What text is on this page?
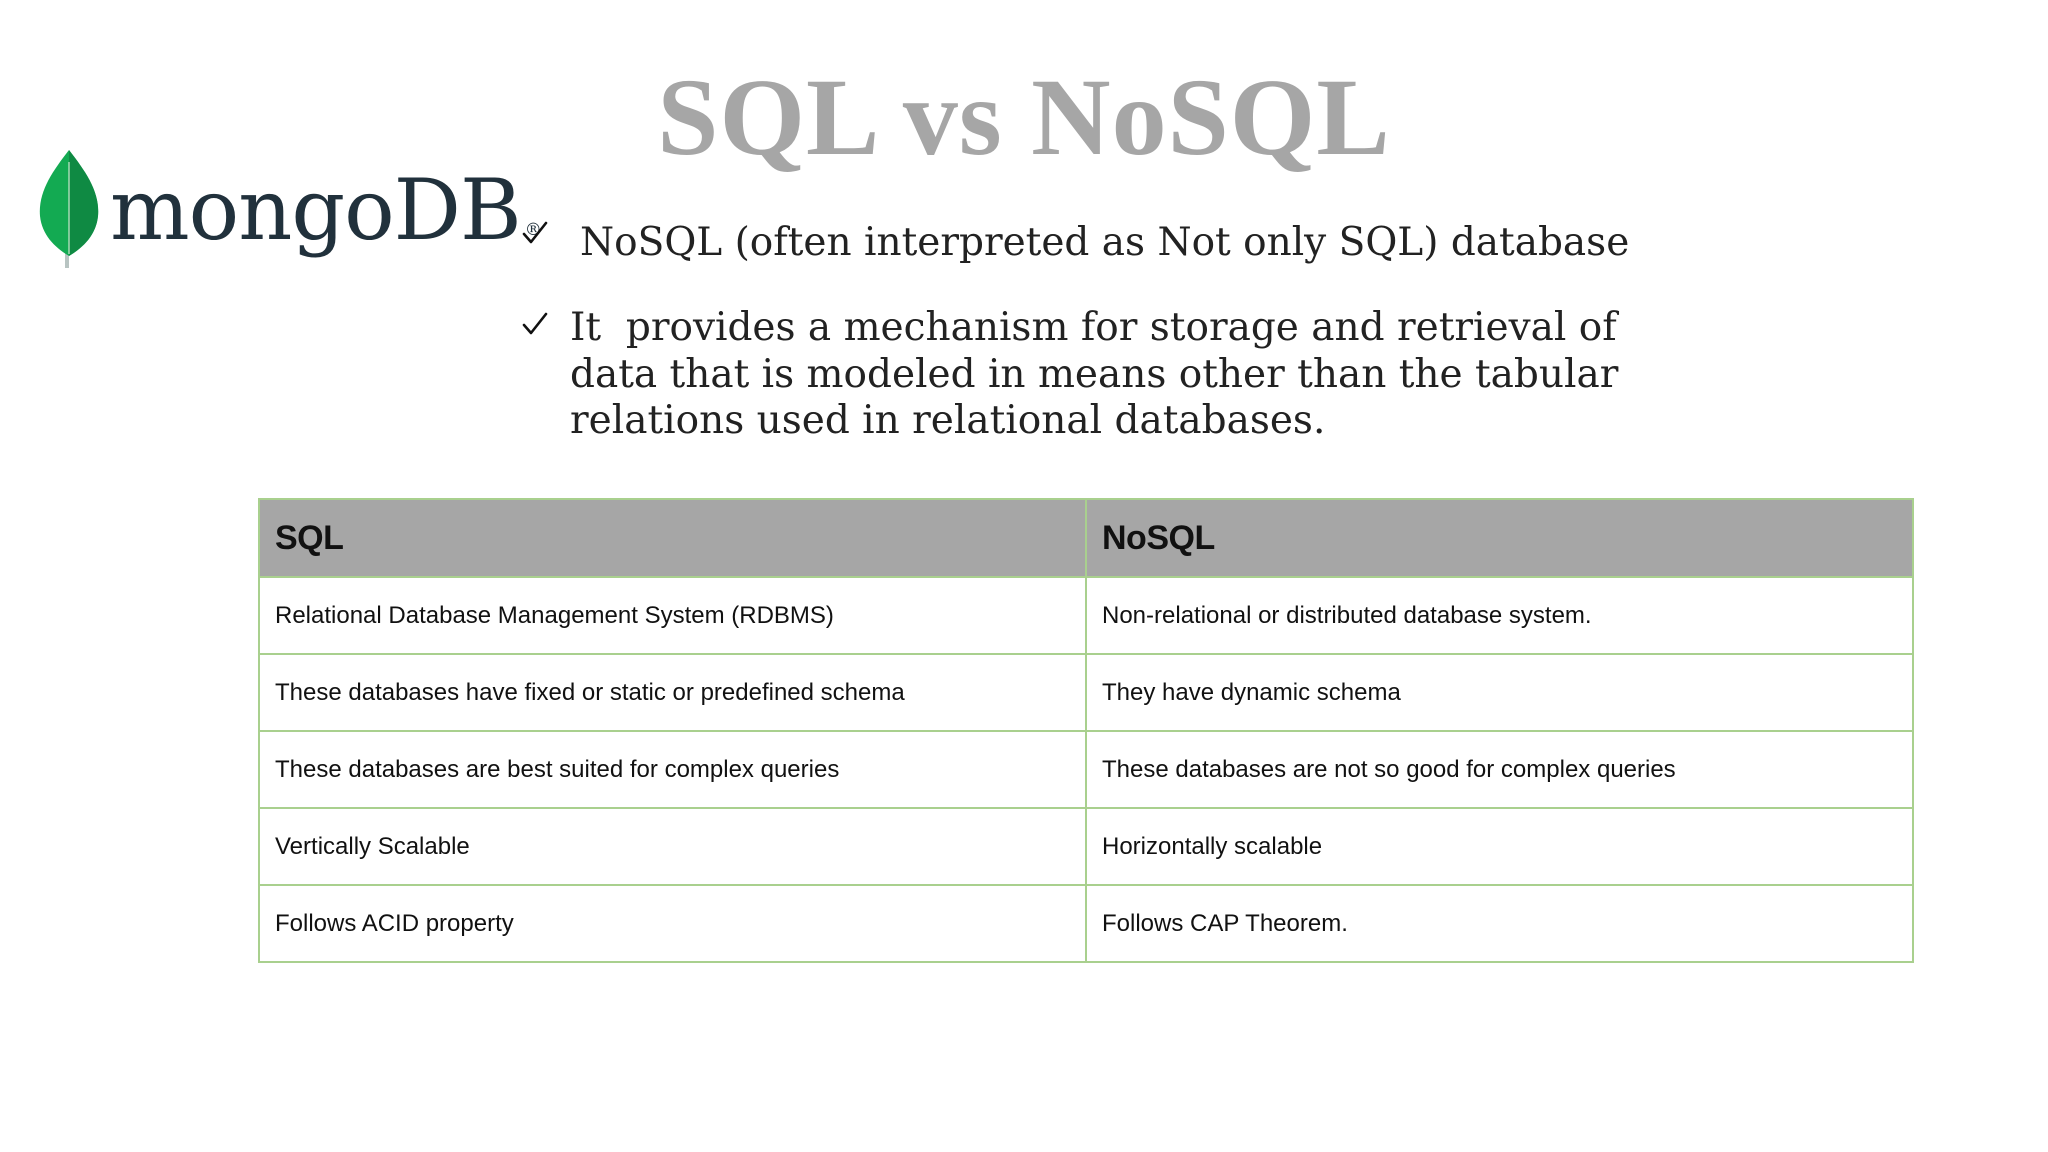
SQL vs NoSQL
mongoDB ® NoSQL (often interpreted as Not only SQL) database
It  provides a mechanism for storage and retrieval of data that is modeled in means other than the tabular relations used in relational databases.
SQL	NoSQL
Relational Database Management System (RDBMS)	Non-relational or distributed database system.
These databases have fixed or static or predefined schema	They have dynamic schema
These databases are best suited for complex queries	These databases are not so good for complex queries
Vertically Scalable	Horizontally scalable
Follows ACID property	Follows CAP Theorem.
